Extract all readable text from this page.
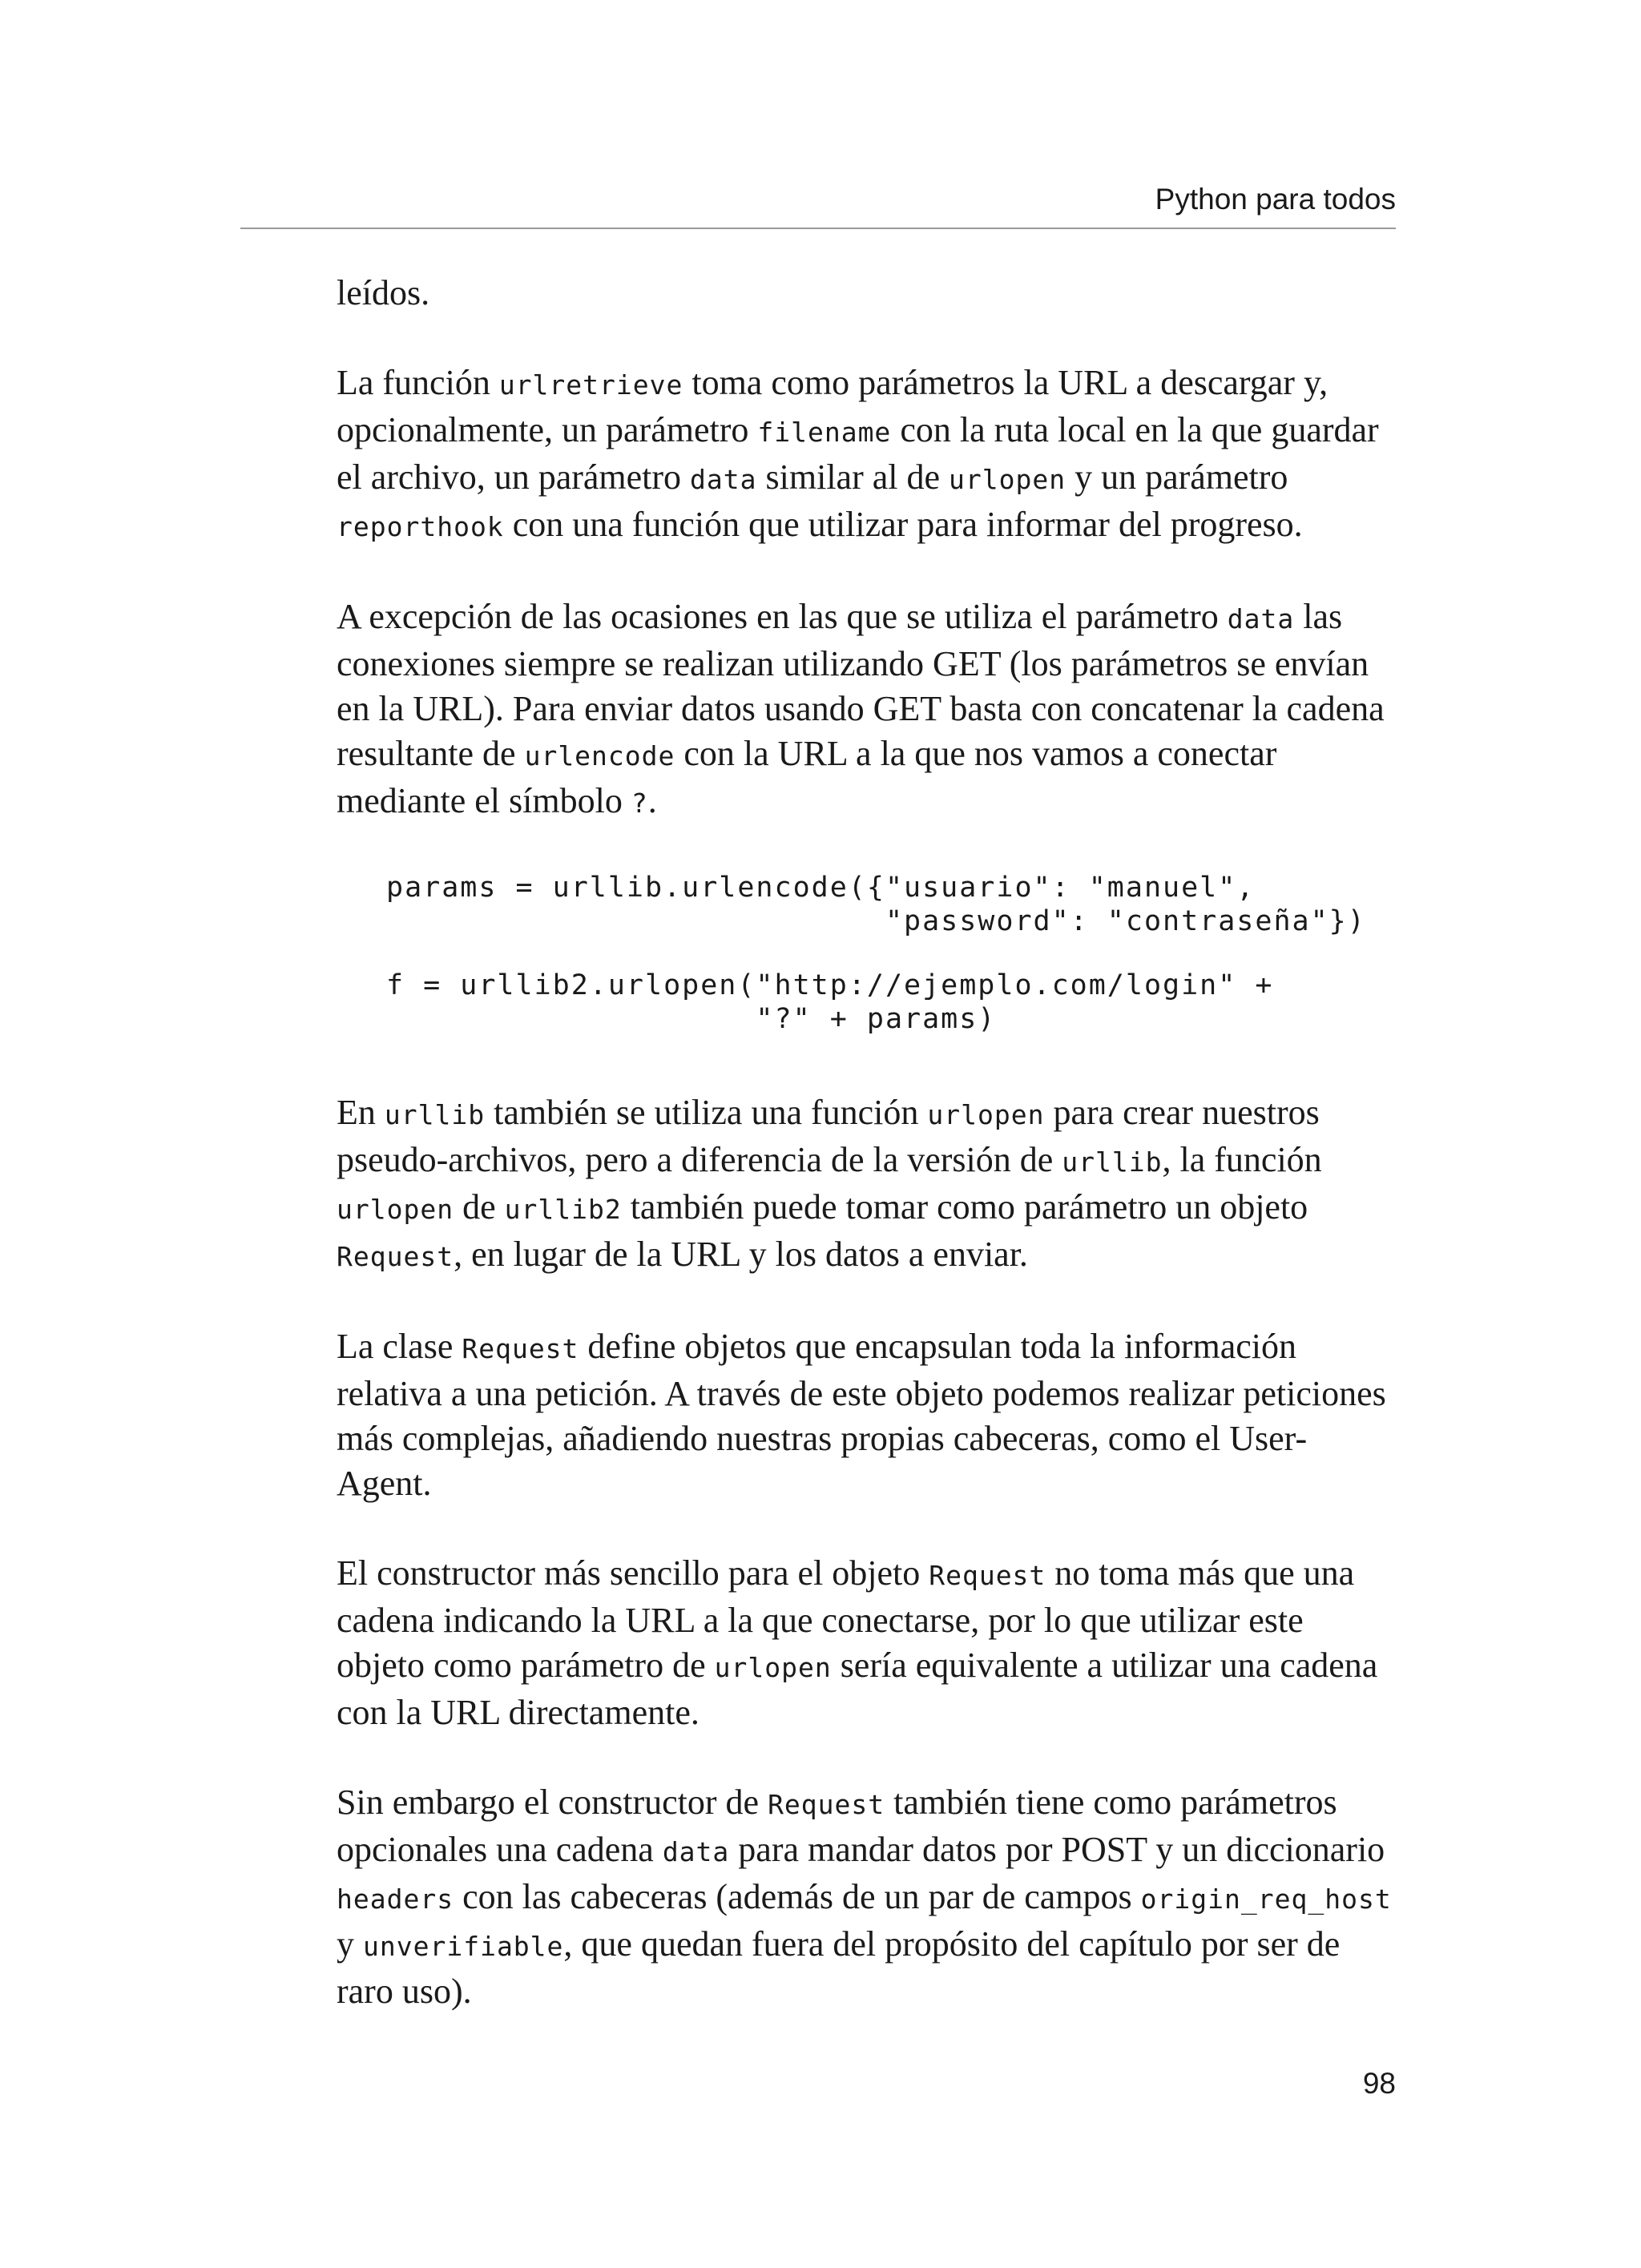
Python para todos

leídos.

La función urlretrieve toma como parámetros la URL a descargar y, opcionalmente, un parámetro filename con la ruta local en la que guardar el archivo, un parámetro data similar al de urlopen y un parámetro reporthook con una función que utilizar para informar del progreso.

A excepción de las ocasiones en las que se utiliza el parámetro data las conexiones siempre se realizan utilizando GET (los parámetros se envían en la URL). Para enviar datos usando GET basta con concatenar la cadena resultante de urlencode con la URL a la que nos vamos a conectar mediante el símbolo ?.

params = urllib.urlencode({"usuario": "manuel",
"password": "contraseña"})
f = urllib2.urlopen("http://ejemplo.com/login" +
"?" + params)

En urllib también se utiliza una función urlopen para crear nuestros pseudo-archivos, pero a diferencia de la versión de urllib, la función urlopen de urllib2 también puede tomar como parámetro un objeto Request, en lugar de la URL y los datos a enviar.

La clase Request define objetos que encapsulan toda la información relativa a una petición. A través de este objeto podemos realizar peticiones más complejas, añadiendo nuestras propias cabeceras, como el User-Agent.

El constructor más sencillo para el objeto Request no toma más que una cadena indicando la URL a la que conectarse, por lo que utilizar este objeto como parámetro de urlopen sería equivalente a utilizar una cadena con la URL directamente.

Sin embargo el constructor de Request también tiene como parámetros opcionales una cadena data para mandar datos por POST y un diccionario headers con las cabeceras (además de un par de campos origin_req_host y unverifiable, que quedan fuera del propósito del capítulo por ser de raro uso).

98
